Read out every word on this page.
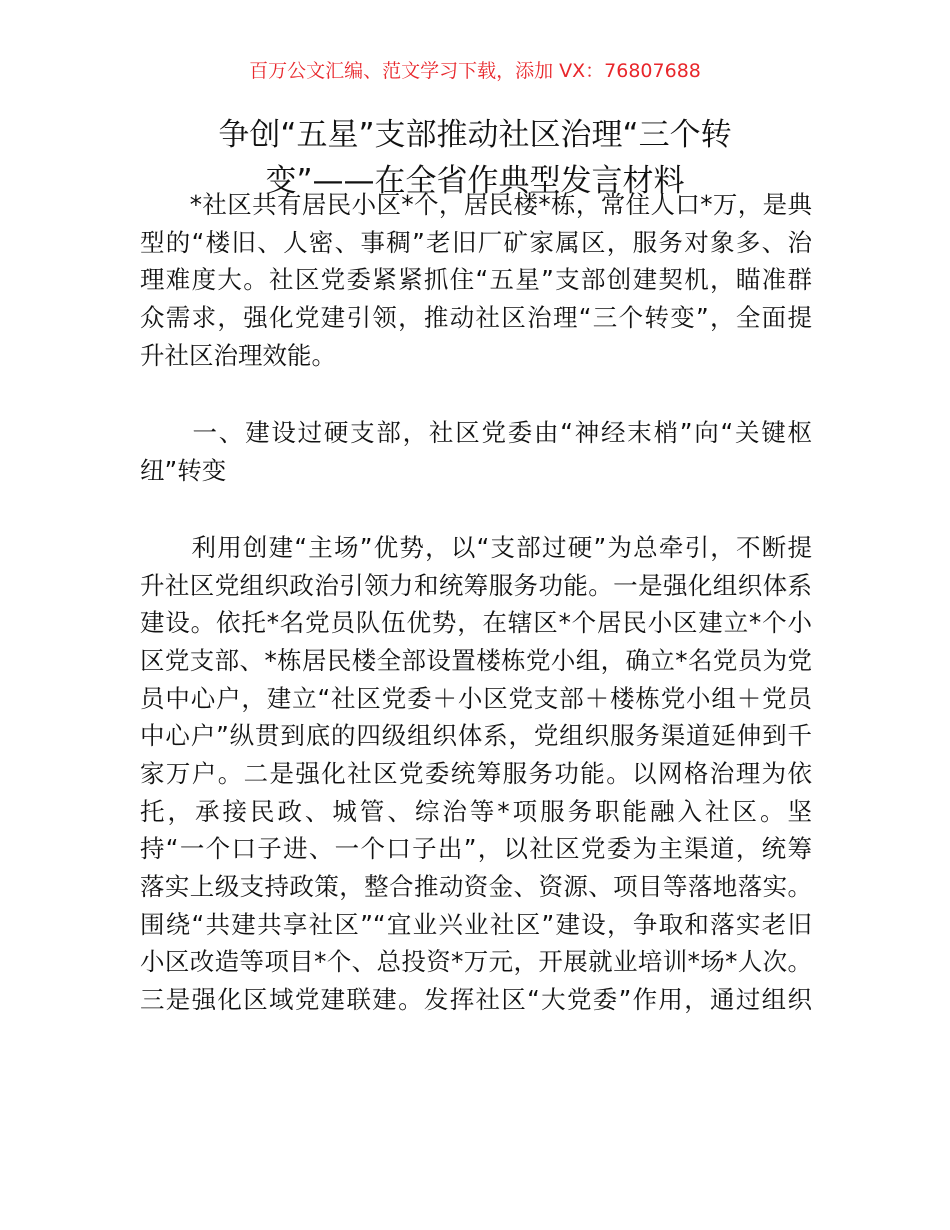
百万公文汇编、范文学习下载，添加 VX：76807688
争创“五星”支部推动社区治理“三个转
变”——在全省作典型发言材料
　　*社区共有居民小区*个，居民楼*栋，常住人口*万，是典
型的“楼旧、人密、事稠”老旧厂矿家属区，服务对象多、治
理难度大。社区党委紧紧抓住“五星”支部创建契机，瞄准群
众需求，强化党建引领，推动社区治理“三个转变”，全面提
升社区治理效能。
　　一、建设过硬支部，社区党委由“神经末梢”向“关键枢
纽”转变
　　利用创建“主场”优势，以“支部过硬”为总牵引，不断提
升社区党组织政治引领力和统筹服务功能。一是强化组织体系
建设。依托*名党员队伍优势，在辖区*个居民小区建立*个小
区党支部、*栋居民楼全部设置楼栋党小组，确立*名党员为党
员中心户，建立“社区党委＋小区党支部＋楼栋党小组＋党员
中心户”纵贯到底的四级组织体系，党组织服务渠道延伸到千
家万户。二是强化社区党委统筹服务功能。以网格治理为依
托，承接民政、城管、综治等*项服务职能融入社区。坚
持“一个口子进、一个口子出”，以社区党委为主渠道，统筹
落实上级支持政策，整合推动资金、资源、项目等落地落实。
围绕“共建共享社区”“宜业兴业社区”建设，争取和落实老旧
小区改造等项目*个、总投资*万元，开展就业培训*场*人次。
三是强化区域党建联建。发挥社区“大党委”作用，通过组织
